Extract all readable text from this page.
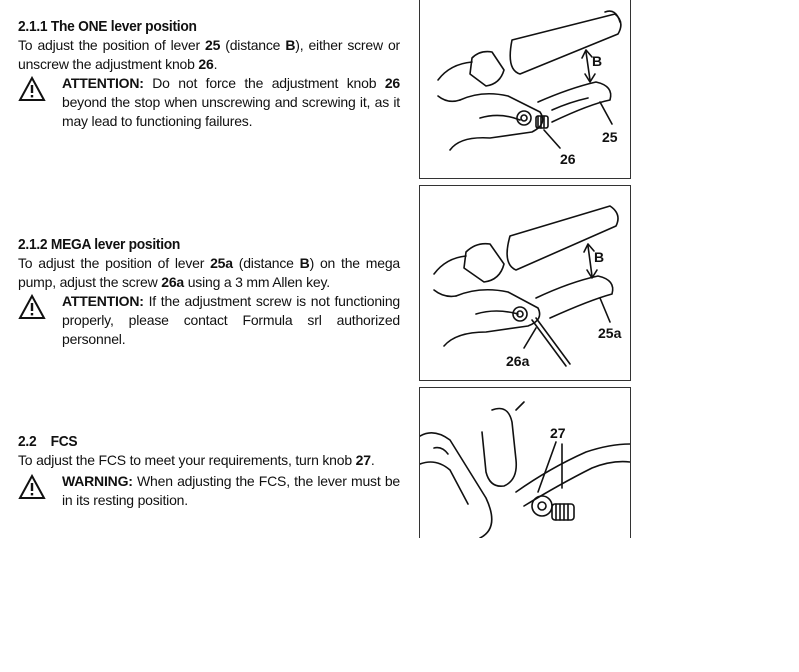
2.1.1 The ONE lever position
To adjust the position of lever 25 (distance B), either screw or unscrew the adjustment knob 26.
ATTENTION: Do not force the adjustment knob 26 beyond the stop when unscrewing and screwing it, as it may lead to functioning failures.
2.1.2 MEGA lever position
To adjust the position of lever 25a (distance B) on the mega pump, adjust the screw 26a using a 3 mm Allen key.
ATTENTION: If the adjustment screw is not functioning properly, please contact Formula srl authorized personnel.
2.2    FCS
To adjust the FCS to meet your requirements, turn knob 27.
WARNING: When adjusting the FCS, the lever must be in its resting position.
B
25
26
B
25a
26a
27
